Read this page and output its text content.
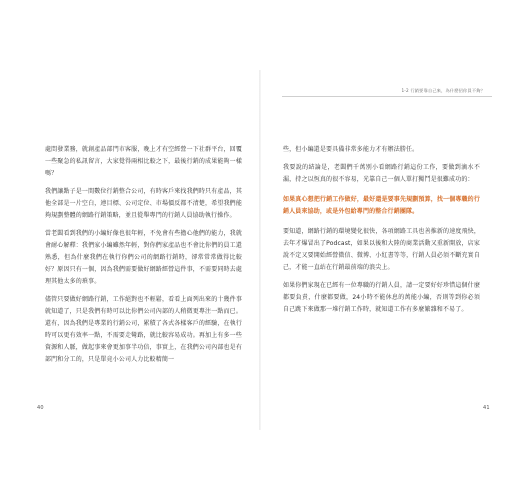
處問發業務，就創產品部門市客服，晚上才有空經營一下社群平台，回覆一些聚急的私訊留言，大家覺得兩相比較之下，最後行銷的成果能夠一樣嗎？

我們讓點子是一間數位行銷整合公司，有時客戶來找我們時只有產品，其他全部是一片空白，連目標、公司定位、市場價反都不清楚，希望我們能夠規劃整體的網路行銷策略，並且從舉專門的行銷人員協助執行操作。

當老闆看到我們的小編好像也很年輕，不免會有些擔心他們的能力，我就會耐心解釋：我們家小編雖然年輕，對你們家產品也不會比你們的員工還熟悉，但為什麼我們在執行你們公司的網路行銷時，卻常常常做得比較好？原因只有一個，因為我們需要做好網路經營這件事，不需要同時去處理其他太多的瑣事。

儘管只要做好網路行銷，工作絕對也不輕鬆，看看上面列出來的十幾件事就知道了，只是我們有時可以比你們公司內部的人稍微更專注一點而已。還有，因為我們是專業的行銷公司，累積了各式各樣客戶的經驗，在執行時可以更有效率一點，不需要走彎路，就比較容易成功。再加上有多一些資源和人脈，做起事來會更加事半功倍，事實上，在我們公司內部也是有部門和分工的，只是單竟小公司人力比較精簡一

40
1-2 行銷要靠自己來，為什麼招你員不夠？

些，但小編還是要具備非常多能力才有辦法勝任。

我要說的結論是，老闆們千萬別小看網路行銷這份工作，要做到滴水不漏，持之以恆真的很不容易，光靠自己一個人單打獨鬥是很難成功的：

如果真心想把行銷工作做好，最好還是要事先規劃預算，找一個專職的行銷人員來協助，或是外包給專門的整合行銷團隊。

要知道，網路行銷的環境變化很快，各項網路工具也善推新的速度飛快，去年才爆冒出了Podcast，如果以後和大陸的商業活動又重新開放，店家說不定又要開始經營微信、微博、小紅書等等，行銷人員必須不斷充實自己，才能一直站在行銷最前端的浪尖上。

如果你們家現在已經有一位專職的行銷人員，請一定要好好珍惜這個什麼都要負責，什麼都要做，24小時不能休息的萬能小編，否則等到你必須自己跳下來做那一堆行銷工作時，就知道工作有多麼繁雜和不易了。

41
